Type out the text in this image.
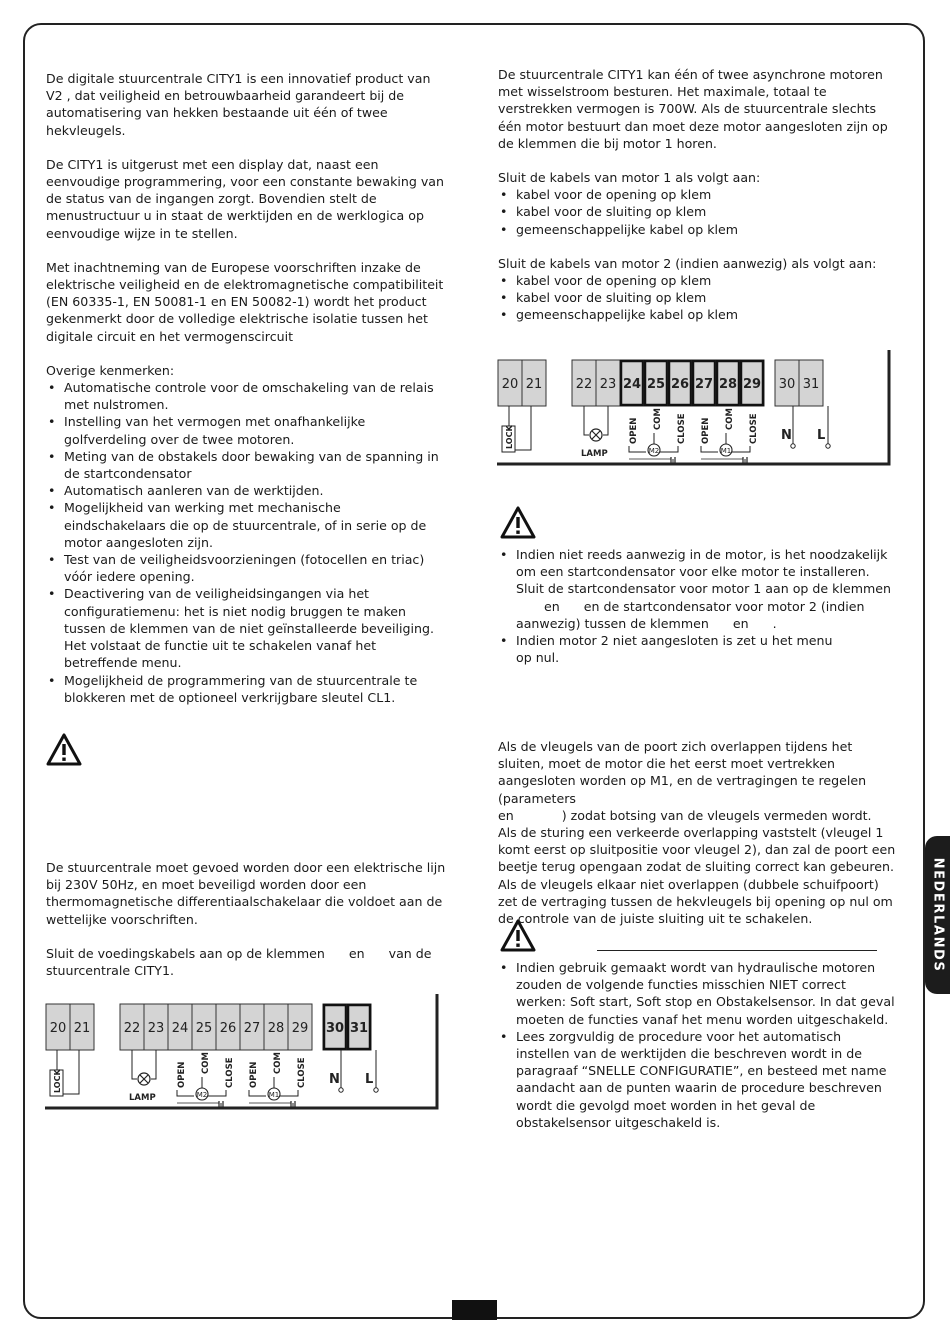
De digitale stuurcentrale CITY1 is een innovatief product van V2 , dat veiligheid en betrouwbaarheid garandeert bij de automatisering van hekken bestaande uit één of twee hekvleugels.

De CITY1 is uitgerust met een display dat, naast een eenvoudige programmering, voor een constante bewaking van de status van de ingangen zorgt. Bovendien stelt de menustructuur u in staat de werktijden en de werklogica op eenvoudige wijze in te stellen.

Met inachtneming van de Europese voorschriften inzake de elektrische veiligheid en de elektromagnetische compatibiliteit (EN 60335-1, EN 50081-1 en EN 50082-1) wordt het product gekenmerkt door de volledige elektrische isolatie tussen het digitale circuit en het vermogenscircuit

Overige kenmerken:
• Automatische controle voor de omschakeling van de relais met nulstromen.
• Instelling van het vermogen met onafhankelijke golfverdeling over de twee motoren.
• Meting van de obstakels door bewaking van de spanning in de startcondensator
• Automatisch aanleren van de werktijden.
• Mogelijkheid van werking met mechanische eindschakelaars die op de stuurcentrale, of in serie op de motor aangesloten zijn.
• Test van de veiligheidsvoorzieningen (fotocellen en triac) vóór iedere opening.
• Deactivering van de veiligheidsingangen via het configuratiemenu: het is niet nodig bruggen te maken tussen de klemmen van de niet geïnstalleerde beveiliging.
Het volstaat de functie uit te schakelen vanaf het betreffende menu.
• Mogelijkheid de programmering van de stuurcentrale te blokkeren met de optioneel verkrijgbare sleutel CL1.

De stuurcentrale moet gevoed worden door een elektrische lijn bij 230V 50Hz, en moet beveiligd worden door een thermomagnetische differentiaalschakelaar die voldoet aan de wettelijke voorschriften.

Sluit de voedingskabels aan op de klemmen      en      van de stuurcentrale CITY1.

De stuurcentrale CITY1 kan één of twee asynchrone motoren met wisselstroom besturen. Het maximale, totaal te verstrekken vermogen is 700W. Als de stuurcentrale slechts één motor bestuurt dan moet deze motor aangesloten zijn op de klemmen die bij motor 1 horen.

Sluit de kabels van motor 1 als volgt aan:
• kabel voor de opening op klem
• kabel voor de sluiting op klem
• gemeenschappelijke kabel op klem
Sluit de kabels van motor 2 (indien aanwezig) als volgt aan:
• kabel voor de opening op klem
• kabel voor de sluiting op klem
• gemeenschappelijke kabel op klem
• Indien niet reeds aanwezig in de motor, is het noodzakelijk om een startcondensator voor elke motor te installeren.
Sluit de startcondensator voor motor 1 aan op de klemmen
en      en de startcondensator voor motor 2 (indien aanwezig) tussen de klemmen      en      .
• Indien motor 2 niet aangesloten is zet u het menu
op nul.

Als de vleugels van de poort zich overlappen tijdens het sluiten, moet de motor die het eerst moet vertrekken aangesloten worden op M1, en de vertragingen te regelen (parameters
en            ) zodat botsing van de vleugels vermeden wordt.
Als de sturing een verkeerde overlapping vaststelt (vleugel 1 komt eerst op sluitpositie voor vleugel 2), dan zal de poort een beetje terug opengaan zodat de sluiting correct kan gebeuren. Als de vleugels elkaar niet overlappen (dubbele schuifpoort) zet de vertraging tussen de hekvleugels bij opening op nul om de controle van de juiste sluiting uit te schakelen.

• Indien gebruik gemaakt wordt van hydraulische motoren zouden de volgende functies misschien NIET correct werken: Soft start, Soft stop en Obstakelsensor. In dat geval moeten de functies vanaf het menu worden uitgeschakeld.
• Lees zorgvuldig de procedure voor het automatisch instellen van de werktijden die beschreven wordt in de paragraaf “SNELLE CONFIGURATIE”, en besteed met name aandacht aan de punten waarin de procedure beschreven wordt die gevolgd moet worden in het geval de obstakelsensor uitgeschakeld is.
20 21	22 23 24 25 26 27 28 29 30 31
LOCK
LAMP
OPEN COM CLOSE
M2
OPEN COM CLOSE
M1
N L
20 21	22 23 24 25 26 27 28 29 30 31
LOCK
LAMP
OPEN COM CLOSE
M2
OPEN COM CLOSE
M1
N L
NEDERLANDS
